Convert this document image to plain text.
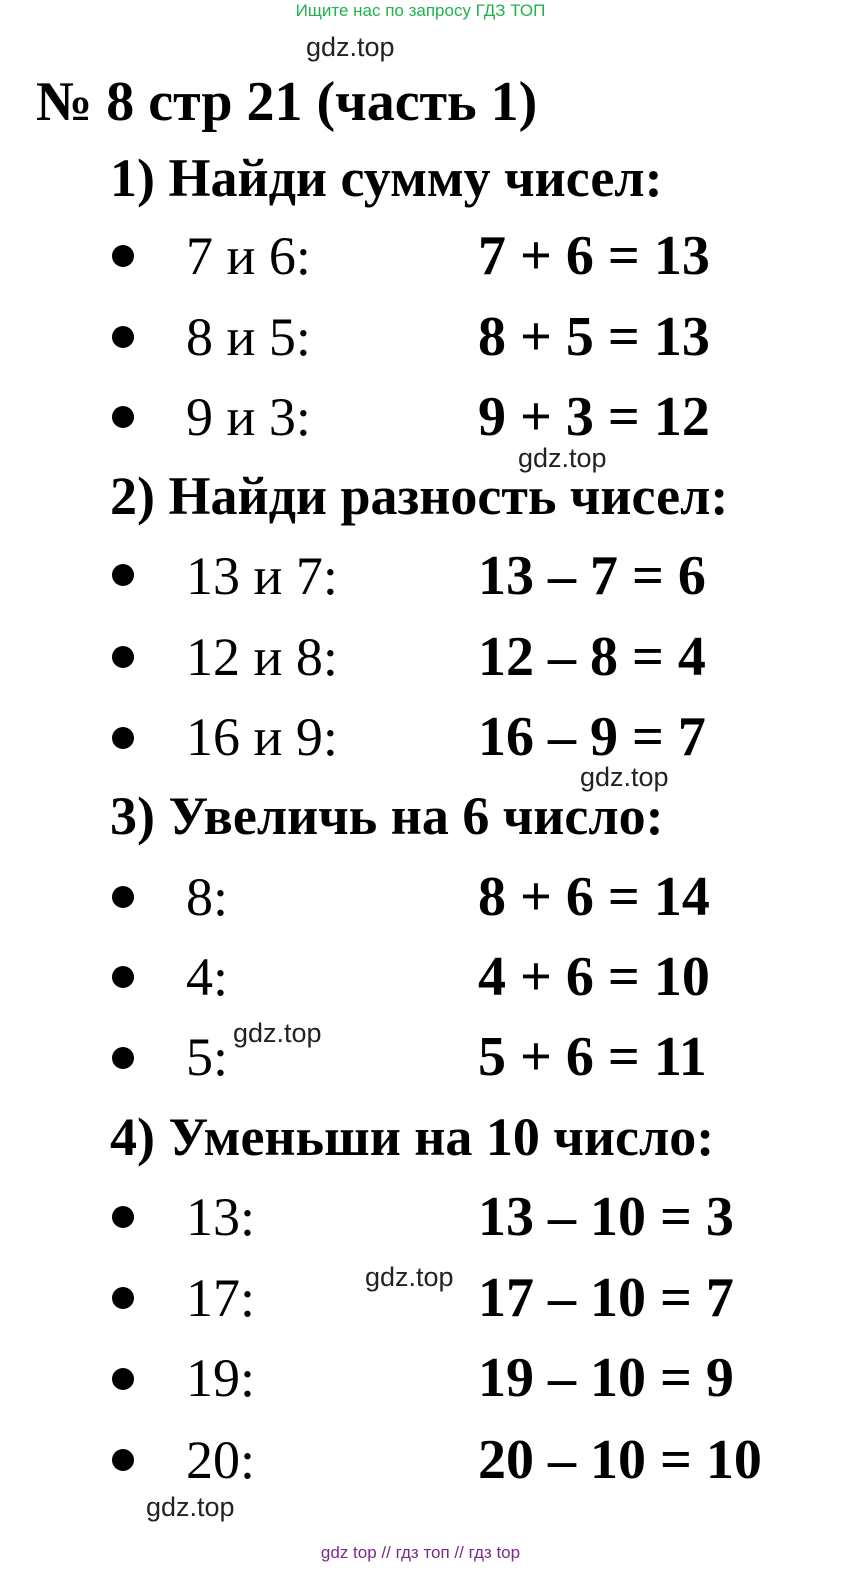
Ищите нас по запросу ГДЗ ТОП
gdz.top
№ 8 стр 21 (часть 1)
1) Найди сумму чисел:
7 и 6:	7 + 6 = 13
8 и 5:	8 + 5 = 13
9 и 3:	9 + 3 = 12
gdz.top
2) Найди разность чисел:
13 и 7:	13 – 7 = 6
12 и 8:	12 – 8 = 4
16 и 9:	16 – 9 = 7
gdz.top
3) Увеличь на 6 число:
8:	8 + 6 = 14
4:	4 + 6 = 10
5:	5 + 6 = 11
gdz.top
4) Уменьши на 10 число:
13:	13 – 10 = 3
17:	17 – 10 = 7
gdz.top
19:	19 – 10 = 9
20:	20 – 10 = 10
gdz.top
gdz top // гдз топ // гдз top
